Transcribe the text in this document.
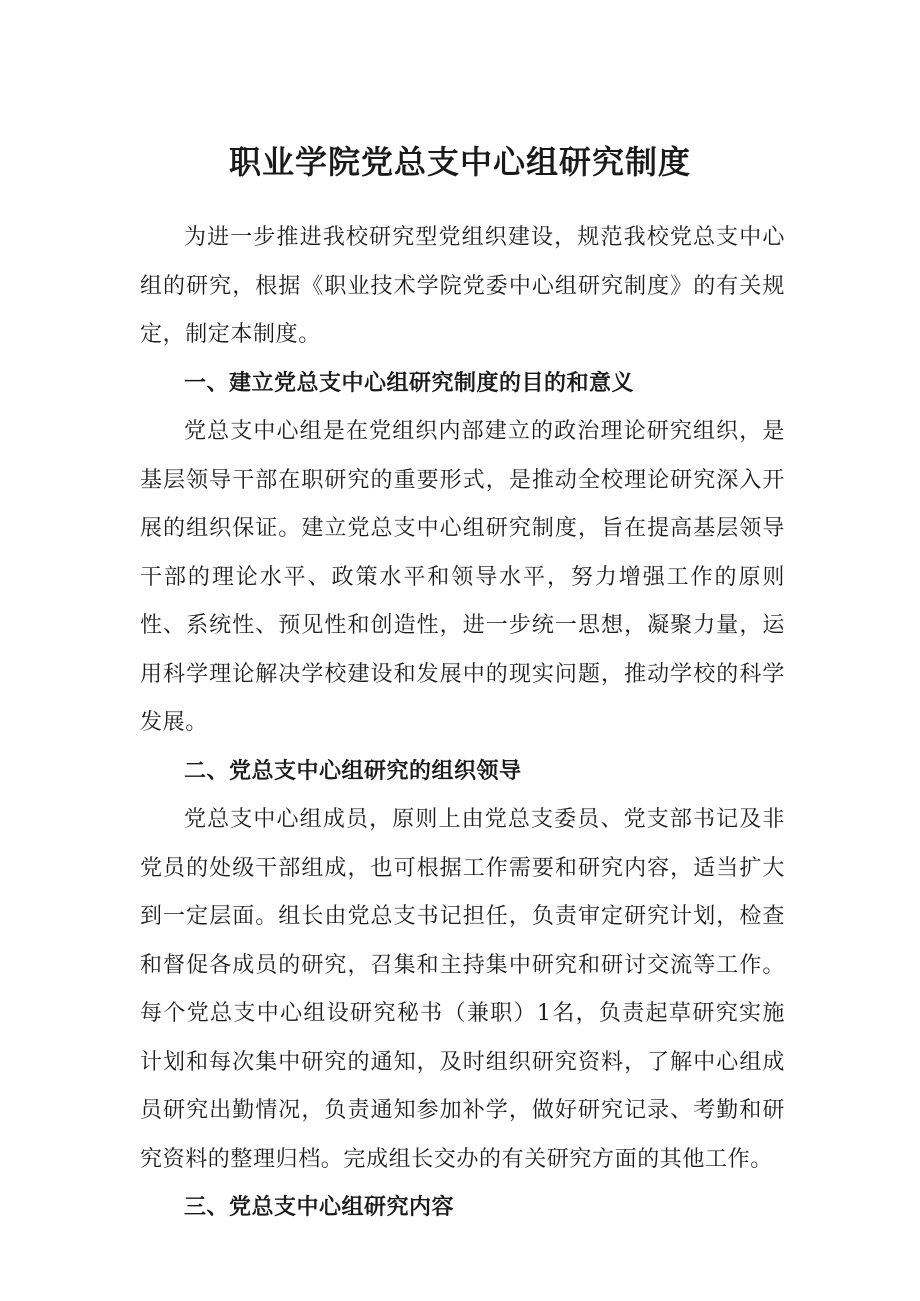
职业学院党总支中心组研究制度

为进一步推进我校研究型党组织建设，规范我校党总支中心组的研究，根据《职业技术学院党委中心组研究制度》的有关规定，制定本制度。

一、建立党总支中心组研究制度的目的和意义

党总支中心组是在党组织内部建立的政治理论研究组织，是基层领导干部在职研究的重要形式，是推动全校理论研究深入开展的组织保证。建立党总支中心组研究制度，旨在提高基层领导干部的理论水平、政策水平和领导水平，努力增强工作的原则性、系统性、预见性和创造性，进一步统一思想，凝聚力量，运用科学理论解决学校建设和发展中的现实问题，推动学校的科学发展。

二、党总支中心组研究的组织领导

党总支中心组成员，原则上由党总支委员、党支部书记及非党员的处级干部组成，也可根据工作需要和研究内容，适当扩大到一定层面。组长由党总支书记担任，负责审定研究计划，检查和督促各成员的研究，召集和主持集中研究和研讨交流等工作。每个党总支中心组设研究秘书（兼职）1名，负责起草研究实施计划和每次集中研究的通知，及时组织研究资料，了解中心组成员研究出勤情况，负责通知参加补学，做好研究记录、考勤和研究资料的整理归档。完成组长交办的有关研究方面的其他工作。

三、党总支中心组研究内容
